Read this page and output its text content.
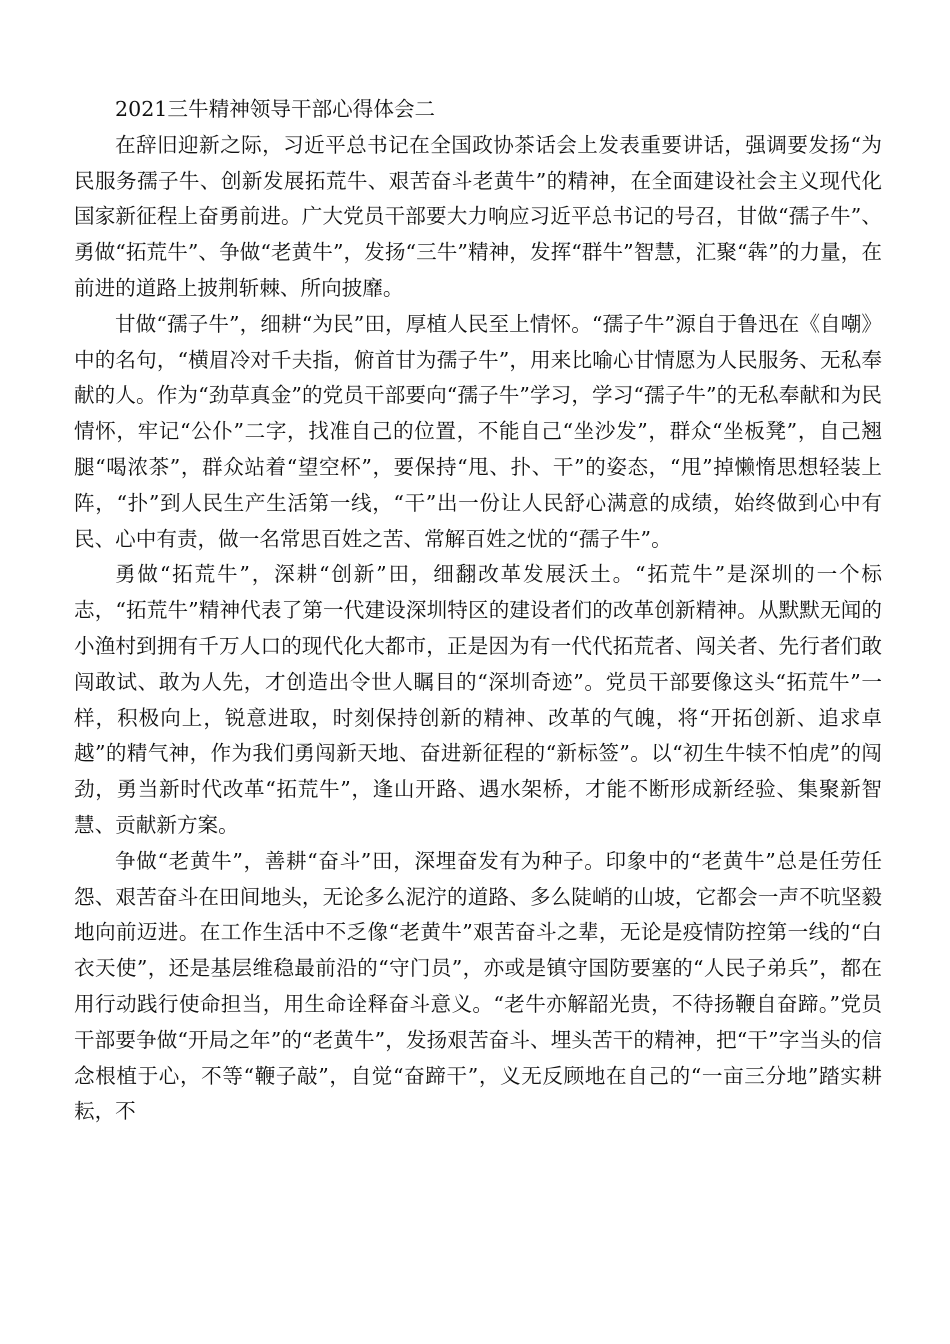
2021三牛精神领导干部心得体会二

在辞旧迎新之际，习近平总书记在全国政协茶话会上发表重要讲话，强调要发扬“为民服务孺子牛、创新发展拓荒牛、艰苦奋斗老黄牛”的精神，在全面建设社会主义现代化国家新征程上奋勇前进。广大党员干部要大力响应习近平总书记的号召，甘做“孺子牛”、勇做“拓荒牛”、争做“老黄牛”，发扬“三牛”精神，发挥“群牛”智慧，汇聚“犇”的力量，在前进的道路上披荆斩棘、所向披靡。

甘做“孺子牛”，细耕“为民”田，厚植人民至上情怀。“孺子牛”源自于鲁迅在《自嘲》中的名句，“横眉冷对千夫指，俯首甘为孺子牛”，用来比喻心甘情愿为人民服务、无私奉献的人。作为“劲草真金”的党员干部要向“孺子牛”学习，学习“孺子牛”的无私奉献和为民情怀，牢记“公仆”二字，找准自己的位置，不能自己“坐沙发”，群众“坐板凳”，自己翘腿“喝浓茶”，群众站着“望空杯”，要保持“甩、扑、干”的姿态，“甩”掉懒惰思想轻装上阵，“扑”到人民生产生活第一线，“干”出一份让人民舒心满意的成绩，始终做到心中有民、心中有责，做一名常思百姓之苦、常解百姓之忧的“孺子牛”。

勇做“拓荒牛”，深耕“创新”田，细翻改革发展沃土。“拓荒牛”是深圳的一个标志，“拓荒牛”精神代表了第一代建设深圳特区的建设者们的改革创新精神。从默默无闻的小渔村到拥有千万人口的现代化大都市，正是因为有一代代拓荒者、闯关者、先行者们敢闯敢试、敢为人先，才创造出令世人瞩目的“深圳奇迹”。党员干部要像这头“拓荒牛”一样，积极向上，锐意进取，时刻保持创新的精神、改革的气魄，将“开拓创新、追求卓越”的精气神，作为我们勇闯新天地、奋进新征程的“新标签”。以“初生牛犊不怕虎”的闯劲，勇当新时代改革“拓荒牛”，逢山开路、遇水架桥，才能不断形成新经验、集聚新智慧、贡献新方案。

争做“老黄牛”，善耕“奋斗”田，深埋奋发有为种子。印象中的“老黄牛”总是任劳任怨、艰苦奋斗在田间地头，无论多么泥泞的道路、多么陡峭的山坡，它都会一声不吭坚毅地向前迈进。在工作生活中不乏像“老黄牛”艰苦奋斗之辈，无论是疫情防控第一线的“白衣天使”，还是基层维稳最前沿的“守门员”，亦或是镇守国防要塞的“人民子弟兵”，都在用行动践行使命担当，用生命诠释奋斗意义。“老牛亦解韶光贵，不待扬鞭自奋蹄。”党员干部要争做“开局之年”的“老黄牛”，发扬艰苦奋斗、埋头苦干的精神，把“干”字当头的信念根植于心，不等“鞭子敲”，自觉“奋蹄干”，义无反顾地在自己的“一亩三分地”踏实耕耘，不
